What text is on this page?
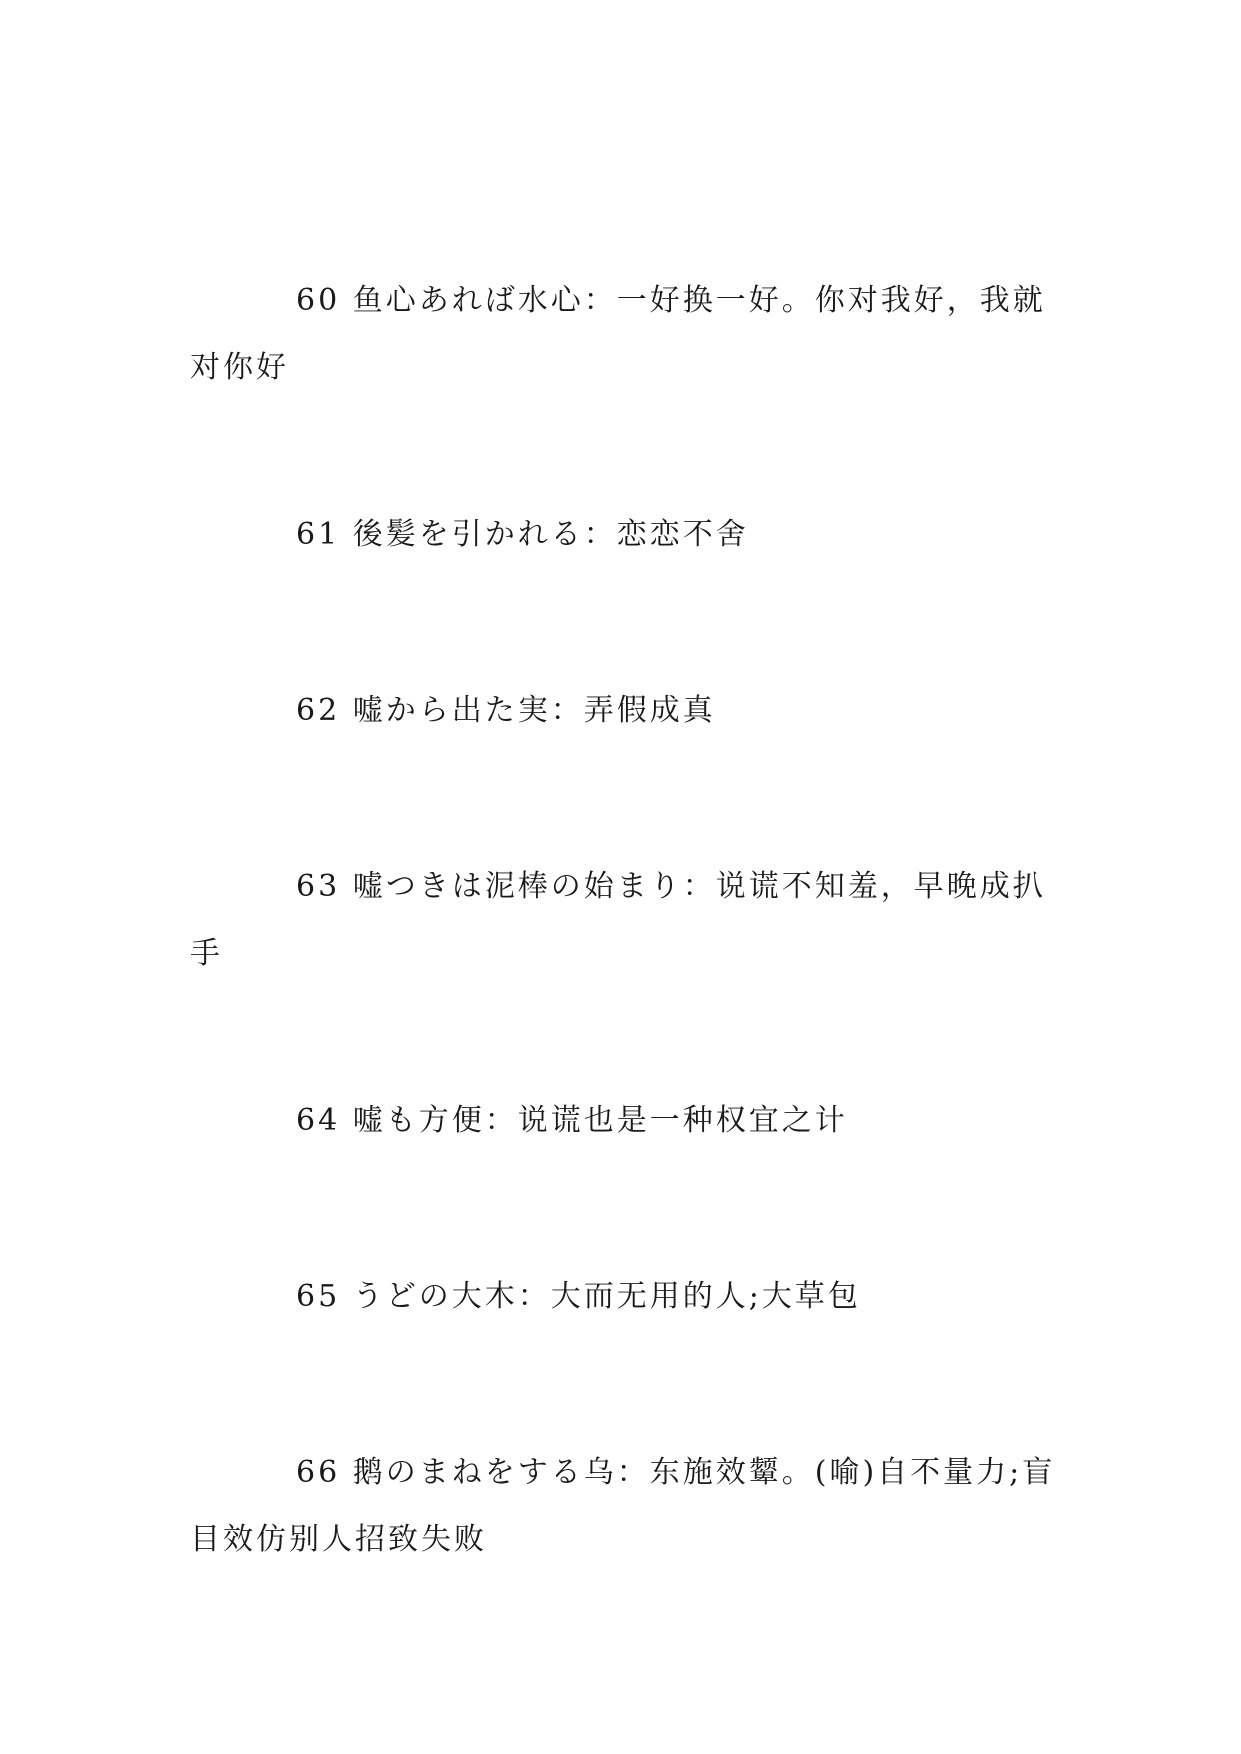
60 鱼心あれば水心：一好换一好。你对我好，我就对你好

61 後髪を引かれる：恋恋不舍

62 嘘から出た実：弄假成真

63 嘘つきは泥棒の始まり：说谎不知羞，早晚成扒手

64 嘘も方便：说谎也是一种权宜之计

65 うどの大木：大而无用的人;大草包

66 鹅のまねをする乌：东施效颦。(喻)自不量力;盲目效仿别人招致失败
